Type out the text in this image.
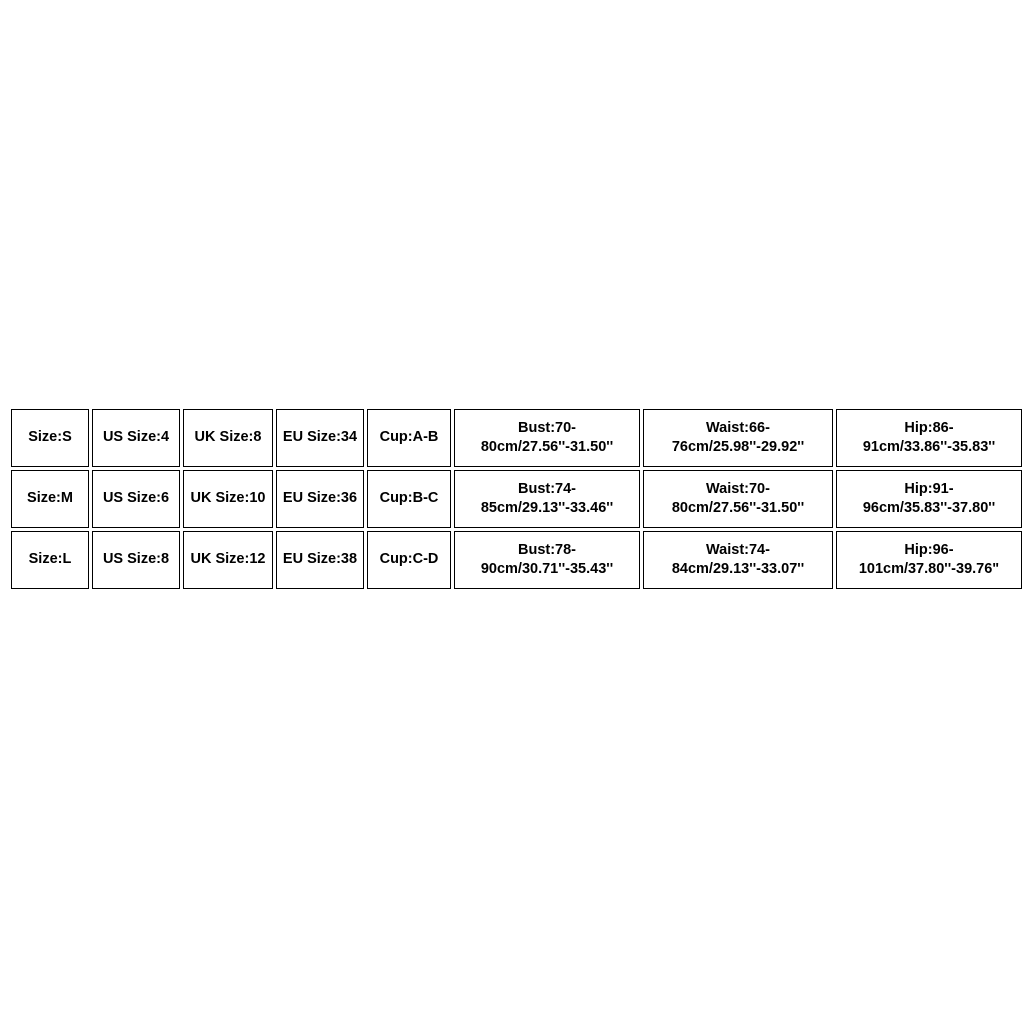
Size:S	US Size:4	UK Size:8	EU Size:34	Cup:A-B	Bust:70-80cm/27.56''-31.50''	Waist:66-76cm/25.98''-29.92''	Hip:86-91cm/33.86''-35.83''
Size:M	US Size:6	UK Size:10	EU Size:36	Cup:B-C	Bust:74-85cm/29.13''-33.46''	Waist:70-80cm/27.56''-31.50''	Hip:91-96cm/35.83''-37.80''
Size:L	US Size:8	UK Size:12	EU Size:38	Cup:C-D	Bust:78-90cm/30.71''-35.43''	Waist:74-84cm/29.13''-33.07''	Hip:96-101cm/37.80''-39.76"
